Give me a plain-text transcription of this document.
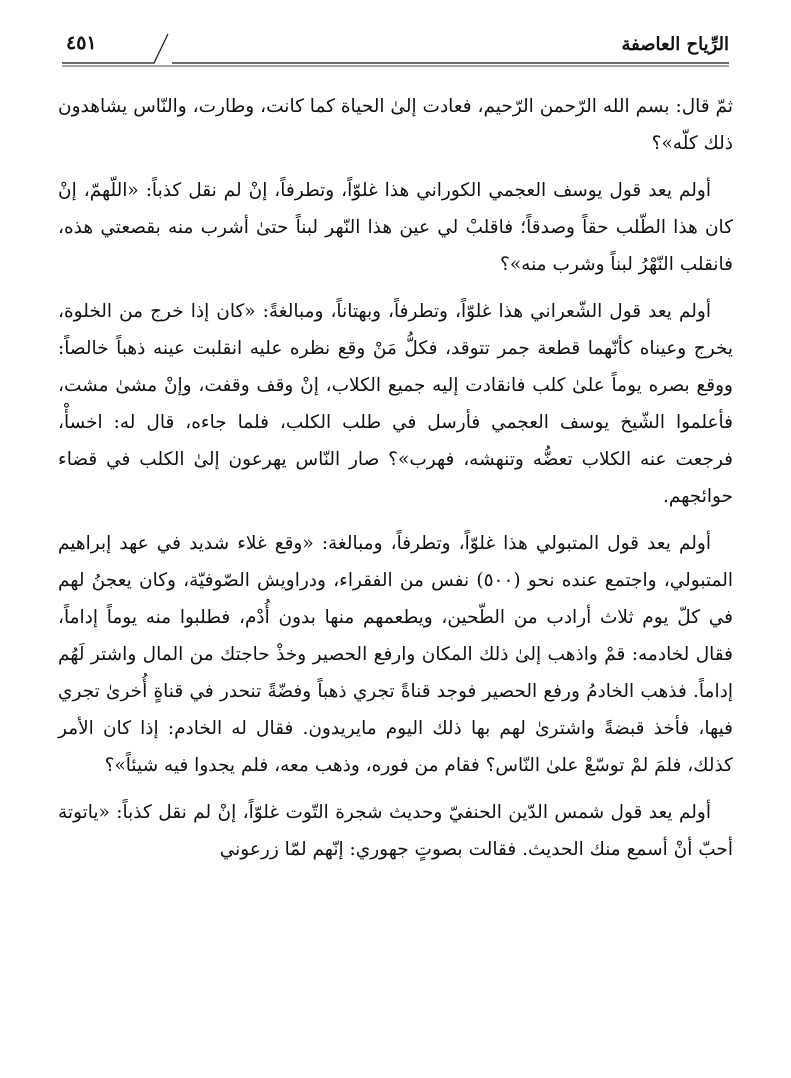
الرِّياح العاصفة
٤٥١

ثمّ قال: بسم الله الرّحمن الرّحيم، فعادت إلىٰ الحياة كما كانت، وطارت، والنّاس يشاهدون ذلك كلّه»؟

أولم يعد قول يوسف العجمي الكوراني هذا غلوّاً، وتطرفاً، إنْ لم نقل كذباً: «اللّهمّ، إنْ كان هذا الطّلب حقاً وصدقاً؛ فاقلبْ لي عين هذا النّهر لبناً حتىٰ أشرب منه بقصعتي هذه، فانقلب النّهْرُ لبناً وشرب منه»؟

أولم يعد قول الشّعراني هذا غلوّاً، وتطرفاً، وبهتاناً، ومبالغةً: «كان إذا خرج من الخلوة، يخرج وعيناه كأنّهما قطعة جمر تتوقد، فكلُّ مَنْ وقع نظره عليه انقلبت عينه ذهباً خالصاً: ووقع بصره يوماً علىٰ كلب فانقادت إليه جميع الكلاب، إنْ وقف وقفت، وإنْ مشىٰ مشت، فأعلموا الشّيخ يوسف العجمي فأرسل في طلب الكلب، فلما جاءه، قال له: اخسأْ، فرجعت عنه الكلاب تعضُّه وتنهشه، فهرب»؟ صار النّاس يهرعون إلىٰ الكلب في قضاء حوائجهم.

أولم يعد قول المتبولي هذا غلوّاً، وتطرفاً، ومبالغة: «وقع غلاء شديد في عهد إبراهيم المتبولي، واجتمع عنده نحو (٥٠٠) نفس من الفقراء، ودراويش الصّوفيّة، وكان يعجنُ لهم في كلّ يوم ثلاث أرادب من الطّحين، ويطعمهم منها بدون أُدْم، فطلبوا منه يوماً إداماً، فقال لخادمه: قمْ واذهب إلىٰ ذلك المكان وارفع الحصير وخذْ حاجتك من المال واشتر لَهُم إداماً. فذهب الخادمُ ورفع الحصير فوجد قناةً تجري ذهباً وفضّةً تنحدر في قناةٍ أُخرىٰ تجري فيها، فأخذ قبضةً واشترىٰ لهم بها ذلك اليوم مايريدون. فقال له الخادم: إذا كان الأمر كذلك، فلمَ لمْ توسّعْ علىٰ النّاس؟ فقام من فوره، وذهب معه، فلم يجدوا فيه شيئاً»؟

أولم يعد قول شمس الدّين الحنفيّ وحديث شجرة التّوت غلوّاً، إنْ لم نقل كذباً: «ياتوتة أحبّ أنْ أسمع منك الحديث. فقالت بصوتٍ جهوري: إنّهم لمّا زرعوني
